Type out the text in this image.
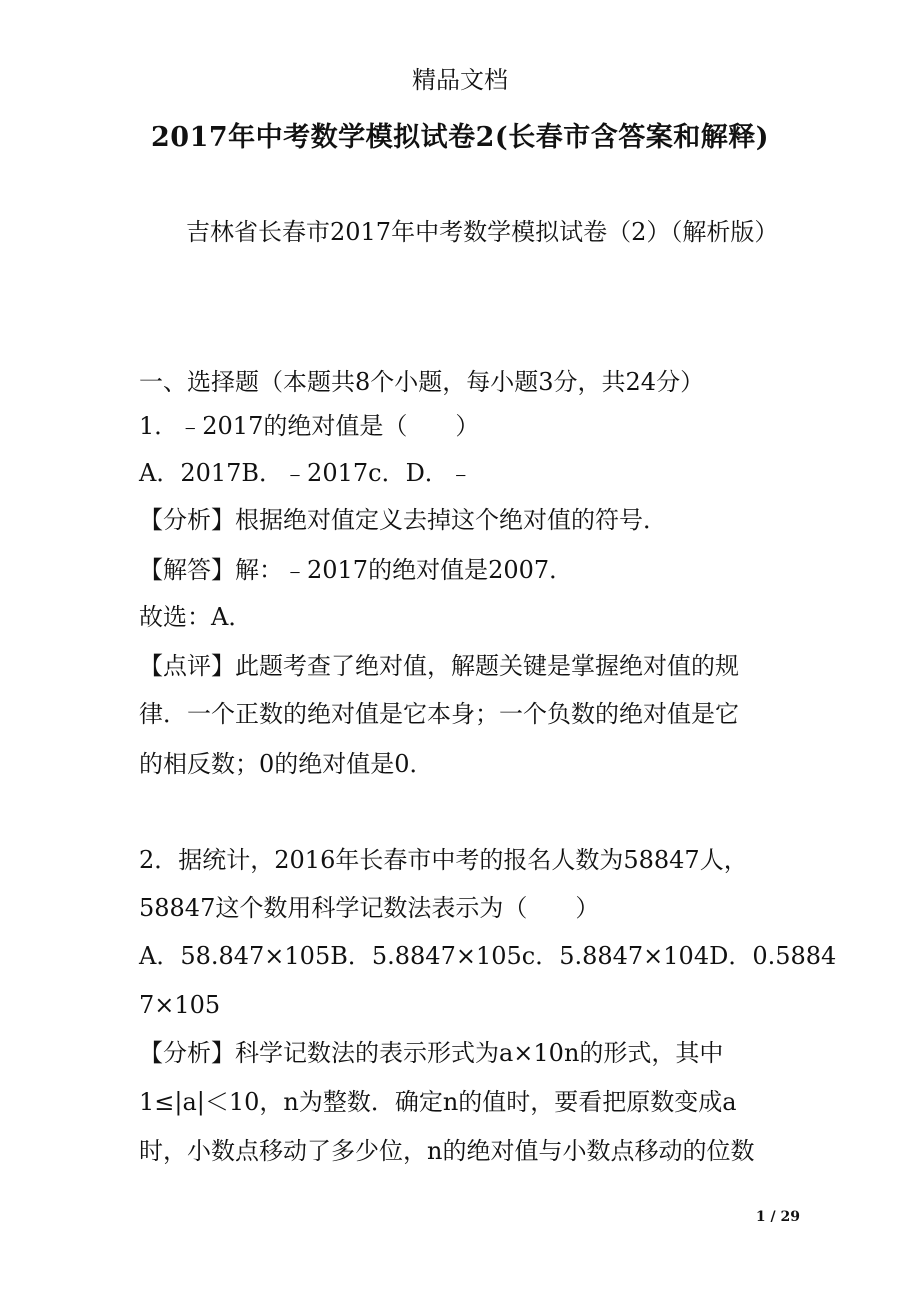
精品文档
2017年中考数学模拟试卷2(长春市含答案和解释)
吉林省长春市2017年中考数学模拟试卷（2）（解析版）
一、选择题（本题共8个小题，每小题3分，共24分）
1．﹣2017的绝对值是（　　）
A．2017B．﹣2017c．D．﹣
【分析】根据绝对值定义去掉这个绝对值的符号．
【解答】解：﹣2017的绝对值是2007．
故选：A．
【点评】此题考查了绝对值，解题关键是掌握绝对值的规
律．一个正数的绝对值是它本身；一个负数的绝对值是它
的相反数；0的绝对值是0．
2．据统计，2016年长春市中考的报名人数为58847人，
58847这个数用科学记数法表示为（　　）
A．58.847×105B．5.8847×105c．5.8847×104D．0.5884
7×105
【分析】科学记数法的表示形式为a×10n的形式，其中
1≤|a|＜10，n为整数．确定n的值时，要看把原数变成a
时，小数点移动了多少位，n的绝对值与小数点移动的位数
1 / 29
